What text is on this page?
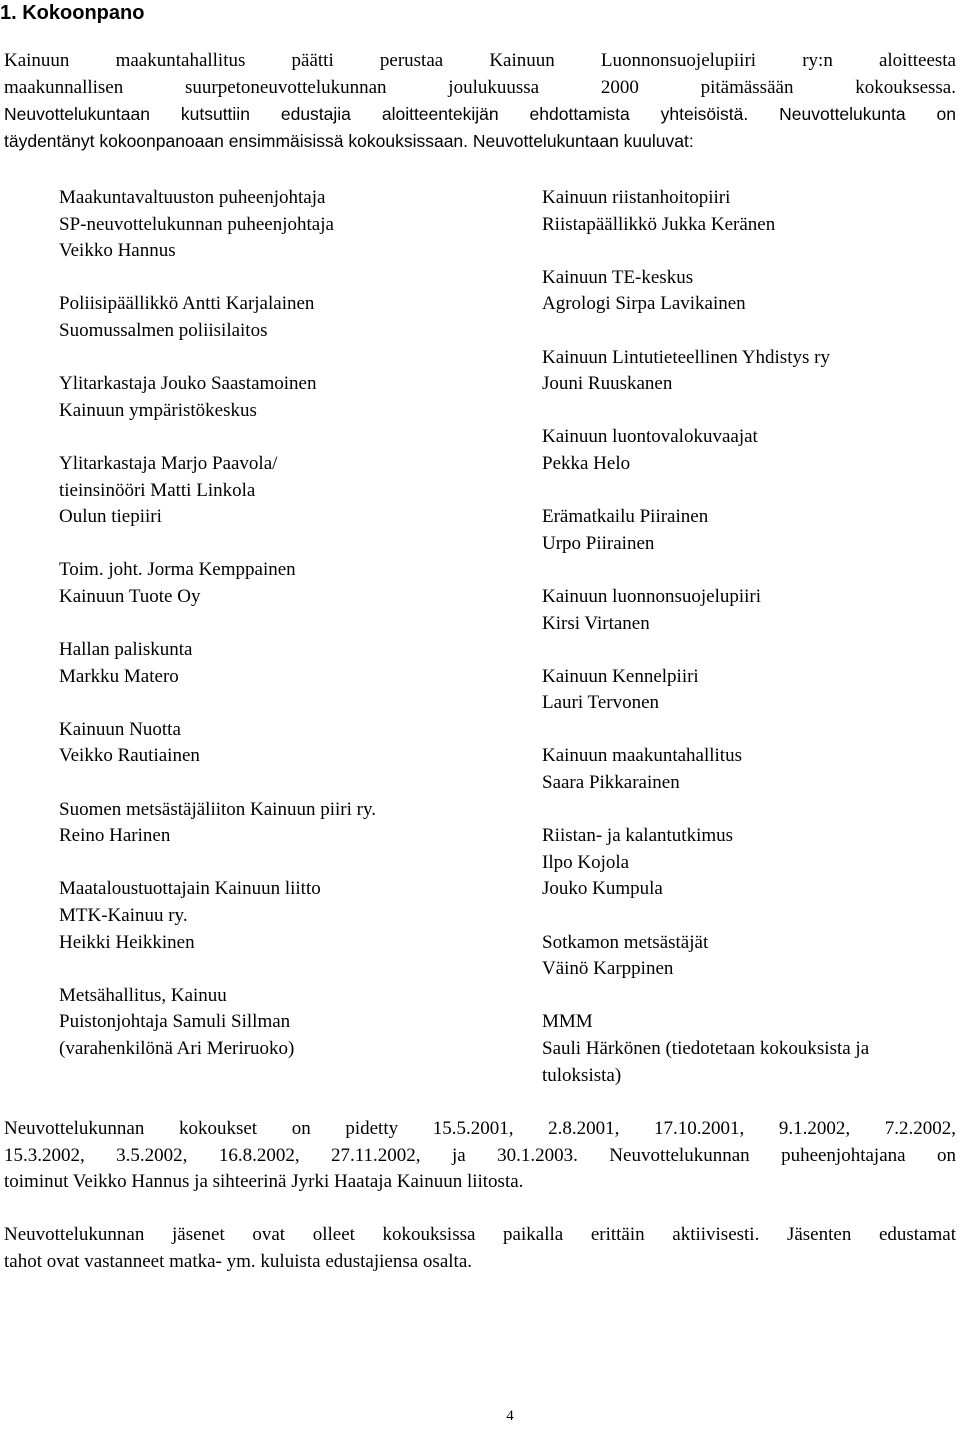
1. Kokoonpano
Kainuun maakuntahallitus päätti perustaa Kainuun Luonnonsuojelupiiri ry:n aloitteesta
maakunnallisen suurpetoneuvottelukunnan joulukuussa 2000 pitämässään kokouksessa.
Neuvottelukuntaan kutsuttiin edustajia aloitteentekijän ehdottamista yhteisöistä. Neuvottelukunta on
täydentänyt kokoonpanoaan ensimmäisissä kokouksissaan. Neuvottelukuntaan kuuluvat:
Maakuntavaltuuston puheenjohtaja
SP-neuvottelukunnan puheenjohtaja
Veikko Hannus
Poliisipäällikkö Antti Karjalainen
Suomussalmen poliisilaitos
Ylitarkastaja Jouko Saastamoinen
Kainuun ympäristökeskus
Ylitarkastaja Marjo Paavola/
tieinsinööri Matti Linkola
Oulun tiepiiri
Toim. joht. Jorma Kemppainen
Kainuun Tuote Oy
Hallan paliskunta
Markku Matero
Kainuun Nuotta
Veikko Rautiainen
Suomen metsästäjäliiton Kainuun piiri ry.
Reino Harinen
Maataloustuottajain Kainuun liitto
MTK-Kainuu ry.
Heikki Heikkinen
Metsähallitus, Kainuu
Puistonjohtaja Samuli Sillman
(varahenkilönä Ari Meriruoko)
Kainuun riistanhoitopiiri
Riistapäällikkö Jukka Keränen
Kainuun TE-keskus
Agrologi Sirpa Lavikainen
Kainuun Lintutieteellinen Yhdistys ry
Jouni Ruuskanen
Kainuun luontovalokuvaajat
Pekka Helo
Erämatkailu Piirainen
Urpo Piirainen
Kainuun luonnonsuojelupiiri
Kirsi Virtanen
Kainuun Kennelpiiri
Lauri Tervonen
Kainuun maakuntahallitus
Saara Pikkarainen
Riistan- ja kalantutkimus
Ilpo Kojola
Jouko Kumpula
Sotkamon metsästäjät
Väinö Karppinen
MMM
Sauli Härkönen (tiedotetaan kokouksista ja
tuloksista)
Neuvottelukunnan kokoukset on pidetty 15.5.2001, 2.8.2001, 17.10.2001, 9.1.2002, 7.2.2002,
15.3.2002, 3.5.2002, 16.8.2002, 27.11.2002, ja 30.1.2003. Neuvottelukunnan puheenjohtajana on
toiminut Veikko Hannus ja sihteerinä Jyrki Haataja Kainuun liitosta.
Neuvottelukunnan jäsenet ovat olleet kokouksissa paikalla erittäin aktiivisesti. Jäsenten edustamat
tahot ovat vastanneet matka- ym. kuluista edustajiensa osalta.
4
